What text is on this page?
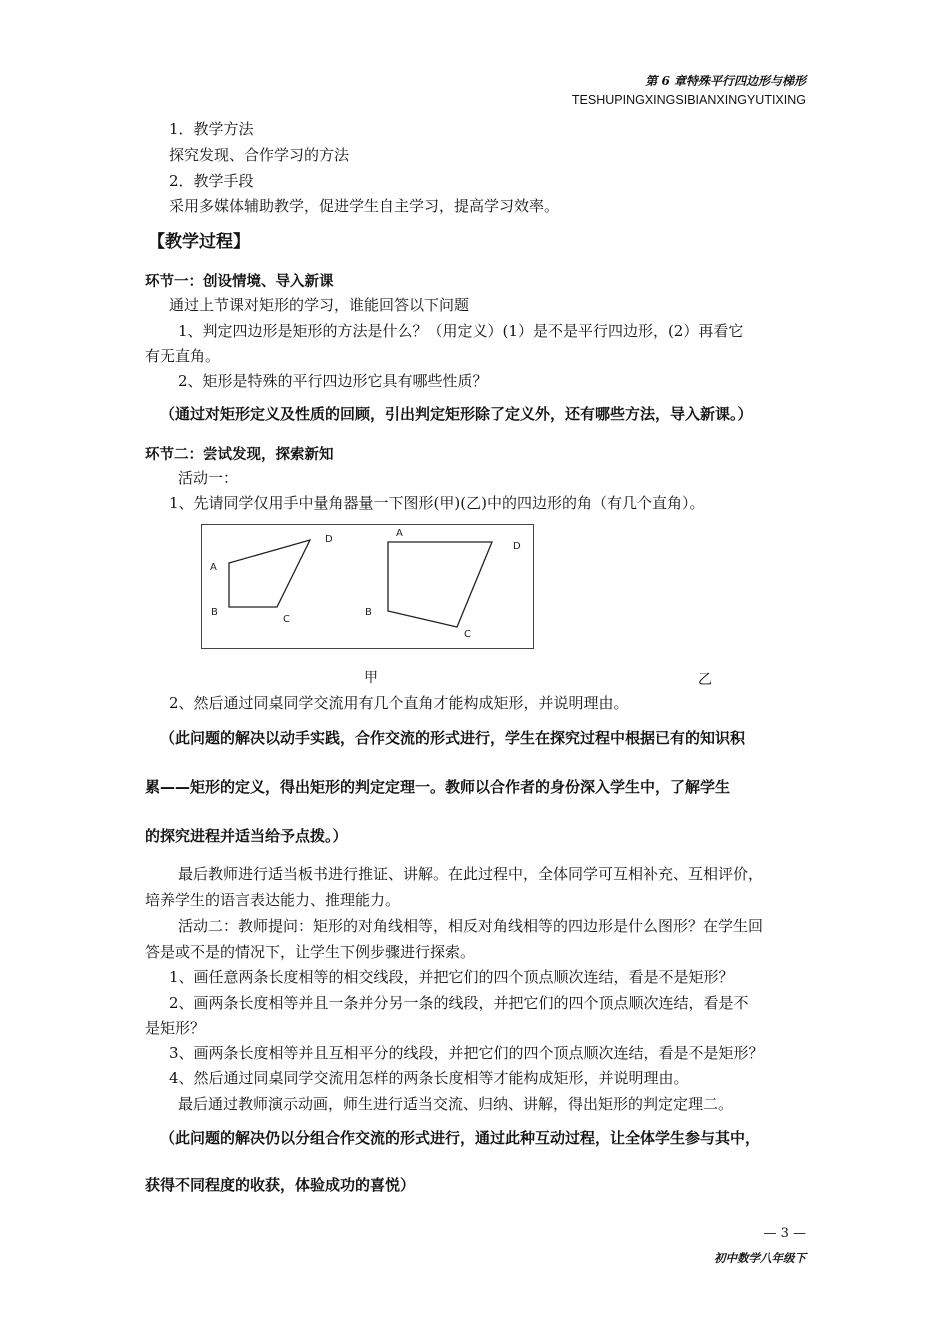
第 6 章特殊平行四边形与梯形
TESHUPINGXINGSIBIANXINGYUTIXING
1．教学方法
探究发现、合作学习的方法
2．教学手段
采用多媒体辅助教学，促进学生自主学习，提高学习效率。
【教学过程】
环节一：创设情境、导入新课
通过上节课对矩形的学习，谁能回答以下问题
1、判定四边形是矩形的方法是什么？（用定义）(1）是不是平行四边形，(2）再看它
有无直角。
2、矩形是特殊的平行四边形它具有哪些性质？
（通过对矩形定义及性质的回顾，引出判定矩形除了定义外，还有哪些方法，导入新课。）
环节二：尝试发现，探索新知
活动一：
1、先请同学仅用手中量角器量一下图形(甲)(乙)中的四边形的角（有几个直角）。
A
B
C
D
A
B
C
D
甲	乙
2、然后通过同桌同学交流用有几个直角才能构成矩形，并说明理由。
（此问题的解决以动手实践，合作交流的形式进行，学生在探究过程中根据已有的知识积
累——矩形的定义，得出矩形的判定定理一。教师以合作者的身份深入学生中，了解学生
的探究进程并适当给予点拨。）
最后教师进行适当板书进行推证、讲解。在此过程中，全体同学可互相补充、互相评价，
培养学生的语言表达能力、推理能力。
活动二：教师提问：矩形的对角线相等，相反对角线相等的四边形是什么图形？在学生回
答是或不是的情况下，让学生下例步骤进行探索。
1、画任意两条长度相等的相交线段，并把它们的四个顶点顺次连结，看是不是矩形？
2、画两条长度相等并且一条并分另一条的线段，并把它们的四个顶点顺次连结，看是不
是矩形？
3、画两条长度相等并且互相平分的线段，并把它们的四个顶点顺次连结，看是不是矩形？
4、然后通过同桌同学交流用怎样的两条长度相等才能构成矩形，并说明理由。
最后通过教师演示动画，师生进行适当交流、归纳、讲解，得出矩形的判定定理二。
（此问题的解决仍以分组合作交流的形式进行，通过此种互动过程，让全体学生参与其中，
获得不同程度的收获，体验成功的喜悦）
— 3 —
初中数学八年级下
